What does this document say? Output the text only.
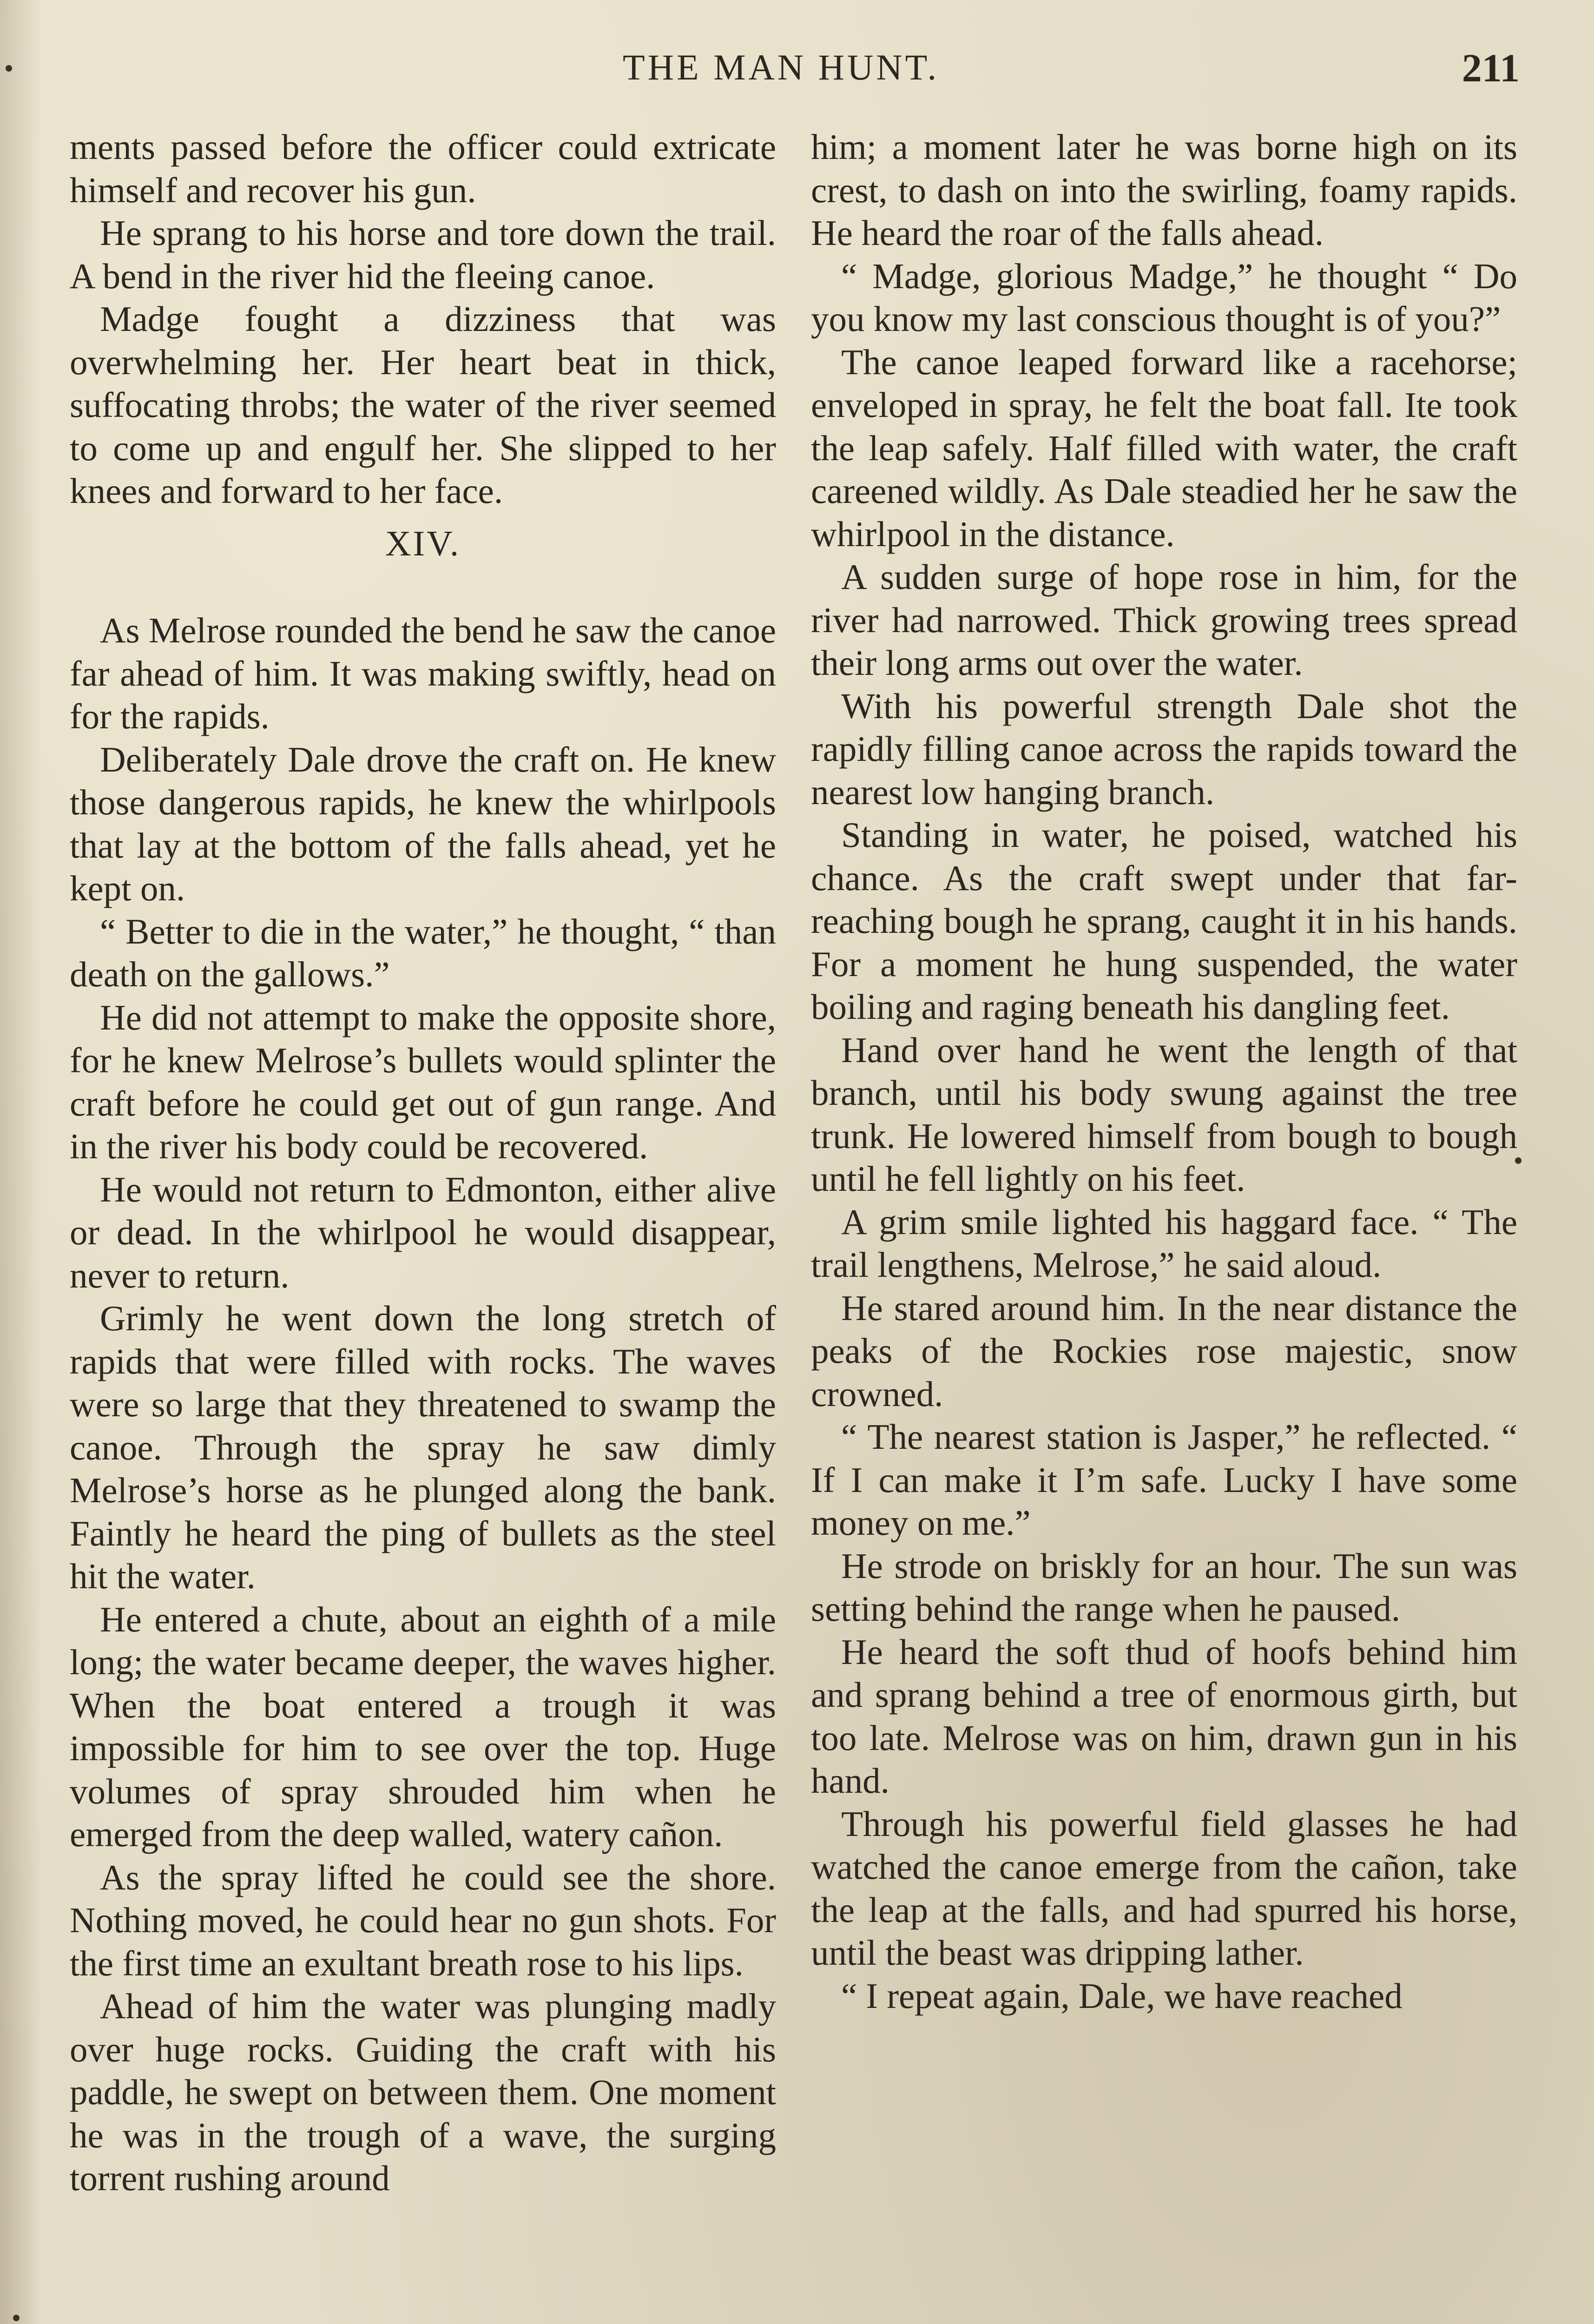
THE MAN HUNT.	211

ments passed before the officer could extricate himself and recover his gun.

He sprang to his horse and tore down the trail. A bend in the river hid the fleeing canoe.

Madge fought a dizziness that was overwhelming her. Her heart beat in thick, suffocating throbs; the water of the river seemed to come up and engulf her. She slipped to her knees and forward to her face.

XIV.

As Melrose rounded the bend he saw the canoe far ahead of him. It was making swiftly, head on for the rapids.

Deliberately Dale drove the craft on. He knew those dangerous rapids, he knew the whirlpools that lay at the bottom of the falls ahead, yet he kept on.

“ Better to die in the water,” he thought, “ than death on the gallows.”

He did not attempt to make the opposite shore, for he knew Melrose’s bullets would splinter the craft before he could get out of gun range. And in the river his body could be recovered.

He would not return to Edmonton, either alive or dead. In the whirlpool he would disappear, never to return.

Grimly he went down the long stretch of rapids that were filled with rocks. The waves were so large that they threatened to swamp the canoe. Through the spray he saw dimly Melrose’s horse as he plunged along the bank. Faintly he heard the ping of bullets as the steel hit the water.

He entered a chute, about an eighth of a mile long; the water became deeper, the waves higher. When the boat entered a trough it was impossible for him to see over the top. Huge volumes of spray shrouded him when he emerged from the deep walled, watery cañon.

As the spray lifted he could see the shore. Nothing moved, he could hear no gun shots. For the first time an exultant breath rose to his lips.

Ahead of him the water was plunging madly over huge rocks. Guiding the craft with his paddle, he swept on between them. One moment he was in the trough of a wave, the surging torrent rushing around

him; a moment later he was borne high on its crest, to dash on into the swirling, foamy rapids. He heard the roar of the falls ahead.

“ Madge, glorious Madge,” he thought “ Do you know my last conscious thought is of you?”

The canoe leaped forward like a racehorse; enveloped in spray, he felt the boat fall. Ite took the leap safely. Half filled with water, the craft careened wildly. As Dale steadied her he saw the whirlpool in the distance.

A sudden surge of hope rose in him, for the river had narrowed. Thick growing trees spread their long arms out over the water.

With his powerful strength Dale shot the rapidly filling canoe across the rapids toward the nearest low hanging branch.

Standing in water, he poised, watched his chance. As the craft swept under that far-reaching bough he sprang, caught it in his hands. For a moment he hung suspended, the water boiling and raging beneath his dangling feet.

Hand over hand he went the length of that branch, until his body swung against the tree trunk. He lowered himself from bough to bough until he fell lightly on his feet.

A grim smile lighted his haggard face. “ The trail lengthens, Melrose,” he said aloud.

He stared around him. In the near distance the peaks of the Rockies rose majestic, snow crowned.

“ The nearest station is Jasper,” he reflected. “ If I can make it I’m safe. Lucky I have some money on me.”

He strode on briskly for an hour. The sun was setting behind the range when he paused.

He heard the soft thud of hoofs behind him and sprang behind a tree of enormous girth, but too late. Melrose was on him, drawn gun in his hand.

Through his powerful field glasses he had watched the canoe emerge from the cañon, take the leap at the falls, and had spurred his horse, until the beast was dripping lather.

“ I repeat again, Dale, we have reached
